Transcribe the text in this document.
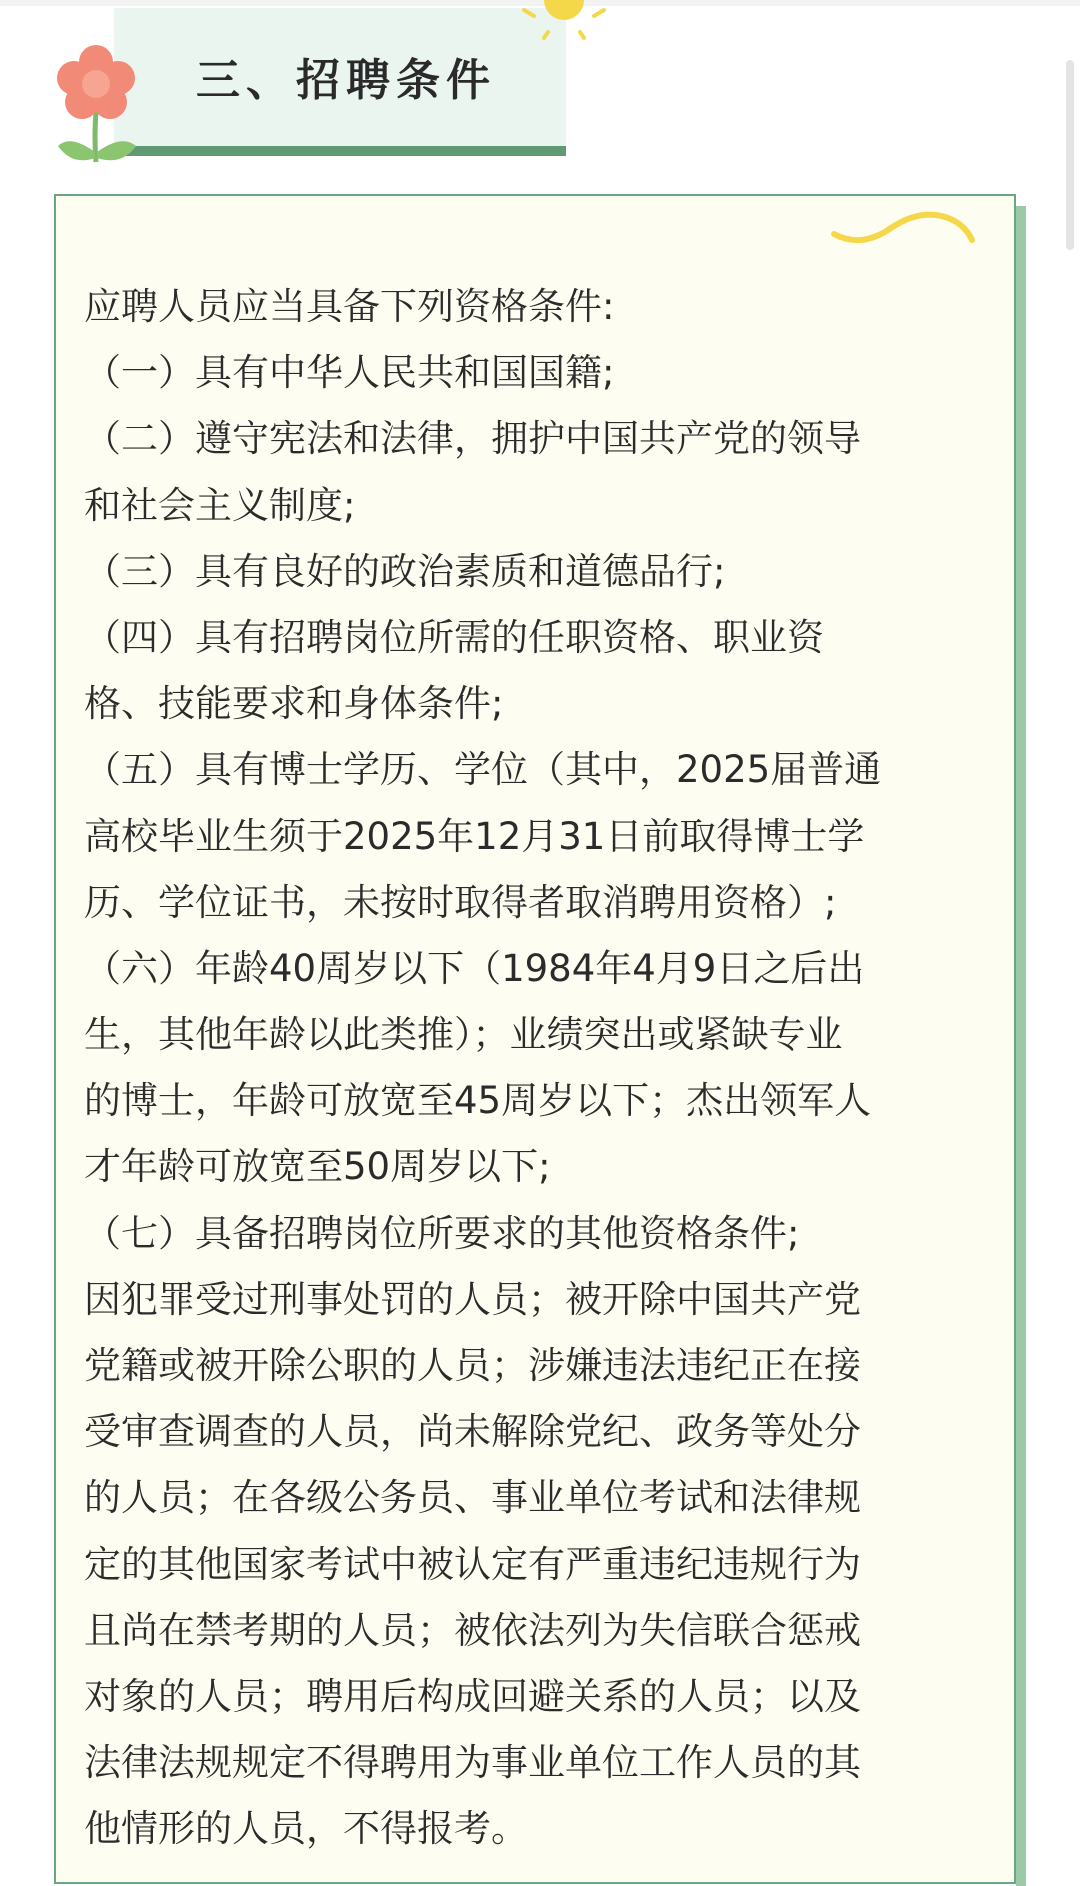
三、招聘条件
应聘人员应当具备下列资格条件:
（一）具有中华人民共和国国籍;
（二）遵守宪法和法律，拥护中国共产党的领导
和社会主义制度;
（三）具有良好的政治素质和道德品行;
（四）具有招聘岗位所需的任职资格、职业资
格、技能要求和身体条件;
（五）具有博士学历、学位（其中，2025届普通
高校毕业生须于2025年12月31日前取得博士学
历、学位证书，未按时取得者取消聘用资格）;
（六）年龄40周岁以下（1984年4月9日之后出
生，其他年龄以此类推）；业绩突出或紧缺专业
的博士，年龄可放宽至45周岁以下；杰出领军人
才年龄可放宽至50周岁以下;
（七）具备招聘岗位所要求的其他资格条件;
因犯罪受过刑事处罚的人员；被开除中国共产党
党籍或被开除公职的人员；涉嫌违法违纪正在接
受审查调查的人员，尚未解除党纪、政务等处分
的人员；在各级公务员、事业单位考试和法律规
定的其他国家考试中被认定有严重违纪违规行为
且尚在禁考期的人员；被依法列为失信联合惩戒
对象的人员；聘用后构成回避关系的人员；以及
法律法规规定不得聘用为事业单位工作人员的其
他情形的人员，不得报考。
